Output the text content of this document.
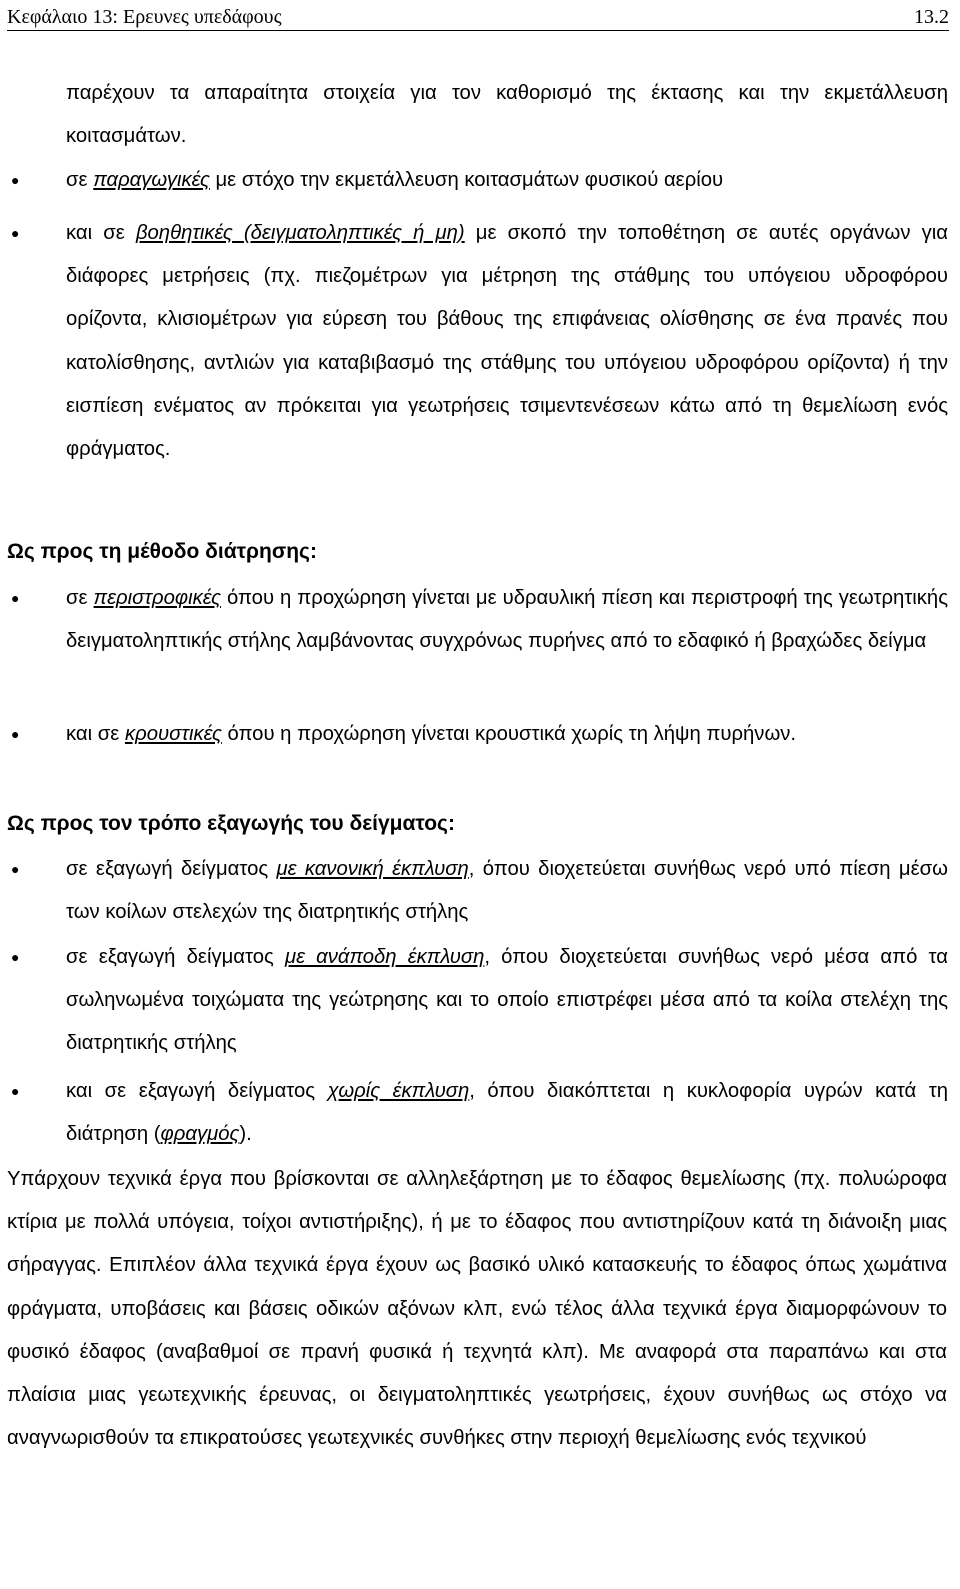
Κεφάλαιο 13: Ερευνες υπεδάφους	13.2
παρέχουν τα απαραίτητα στοιχεία για τον καθορισμό της έκτασης και την εκμετάλλευση κοιτασμάτων.
● σε παραγωγικές με στόχο την εκμετάλλευση κοιτασμάτων φυσικού αερίου
● και σε βοηθητικές (δειγματοληπτικές ή μη) με σκοπό την τοποθέτηση σε αυτές οργάνων για διάφορες μετρήσεις (πχ. πιεζομέτρων για μέτρηση της στάθμης του υπόγειου υδροφόρου ορίζοντα, κλισιομέτρων για εύρεση του βάθους της επιφάνειας ολίσθησης σε ένα πρανές που κατολίσθησης, αντλιών για καταβιβασμό της στάθμης του υπόγειου υδροφόρου ορίζοντα) ή την εισπίεση ενέματος αν πρόκειται για γεωτρήσεις τσιμεντενέσεων κάτω από τη θεμελίωση ενός φράγματος.
Ως προς τη μέθοδο διάτρησης:
● σε περιστροφικές όπου η προχώρηση γίνεται με υδραυλική πίεση και περιστροφή της γεωτρητικής δειγματοληπτικής στήλης λαμβάνοντας συγχρόνως πυρήνες από το εδαφικό ή βραχώδες δείγμα
● και σε κρουστικές όπου η προχώρηση γίνεται κρουστικά χωρίς τη λήψη πυρήνων.
Ως προς τον τρόπο εξαγωγής του δείγματος:
● σε εξαγωγή δείγματος με κανονική έκπλυση, όπου διοχετεύεται συνήθως νερό υπό πίεση μέσω των κοίλων στελεχών της διατρητικής στήλης
● σε εξαγωγή δείγματος με ανάποδη έκπλυση, όπου διοχετεύεται συνήθως νερό μέσα από τα σωληνωμένα τοιχώματα της γεώτρησης και το οποίο επιστρέφει μέσα από τα κοίλα στελέχη της διατρητικής στήλης
● και σε εξαγωγή δείγματος χωρίς έκπλυση, όπου διακόπτεται η κυκλοφορία υγρών κατά τη διάτρηση (φραγμός).
Υπάρχουν τεχνικά έργα που βρίσκονται σε αλληλεξάρτηση με το έδαφος θεμελίωσης (πχ. πολυώροφα κτίρια με πολλά υπόγεια, τοίχοι αντιστήριξης), ή με το έδαφος που αντιστηρίζουν κατά τη διάνοιξη μιας σήραγγας. Επιπλέον άλλα τεχνικά έργα έχουν ως βασικό υλικό κατασκευής το έδαφος όπως χωμάτινα φράγματα, υποβάσεις και βάσεις οδικών αξόνων κλπ, ενώ τέλος άλλα τεχνικά έργα διαμορφώνουν το φυσικό έδαφος (αναβαθμοί σε πρανή φυσικά ή τεχνητά κλπ). Με αναφορά στα παραπάνω και στα πλαίσια μιας γεωτεχνικής έρευνας, οι δειγματοληπτικές γεωτρήσεις, έχουν συνήθως ως στόχο να αναγνωρισθούν τα επικρατούσες γεωτεχνικές συνθήκες στην περιοχή θεμελίωσης ενός τεχνικού
